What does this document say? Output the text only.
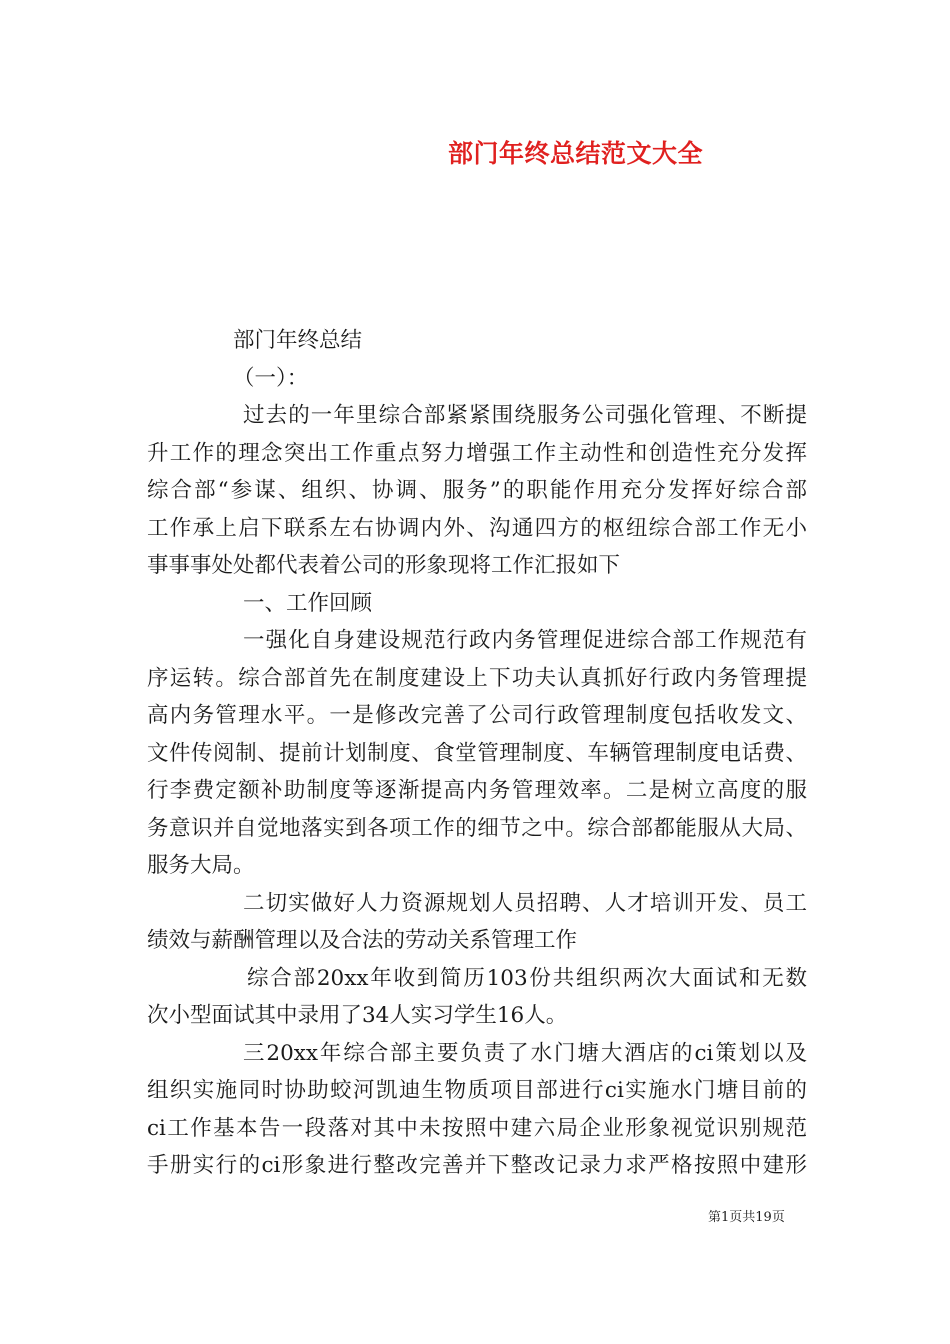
部门年终总结范文大全
部门年终总结
（一）：
过去的一年里综合部紧紧围绕服务公司强化管理、不断提
升工作的理念突出工作重点努力增强工作主动性和创造性充分发挥
综合部“参谋、组织、协调、服务”的职能作用充分发挥好综合部
工作承上启下联系左右协调内外、沟通四方的枢纽综合部工作无小
事事事处处都代表着公司的形象现将工作汇报如下
一、工作回顾
一强化自身建设规范行政内务管理促进综合部工作规范有
序运转。综合部首先在制度建设上下功夫认真抓好行政内务管理提
高内务管理水平。一是修改完善了公司行政管理制度包括收发文、
文件传阅制、提前计划制度、食堂管理制度、车辆管理制度电话费、
行李费定额补助制度等逐渐提高内务管理效率。二是树立高度的服
务意识并自觉地落实到各项工作的细节之中。综合部都能服从大局、
服务大局。
二切实做好人力资源规划人员招聘、人才培训开发、员工
绩效与薪酬管理以及合法的劳动关系管理工作
综合部20xx年收到简历103份共组织两次大面试和无数
次小型面试其中录用了34人实习学生16人。
三20xx年综合部主要负责了水门塘大酒店的ci策划以及
组织实施同时协助蛟河凯迪生物质项目部进行ci实施水门塘目前的
ci工作基本告一段落对其中未按照中建六局企业形象视觉识别规范
手册实行的ci形象进行整改完善并下整改记录力求严格按照中建形
第1页共19页
